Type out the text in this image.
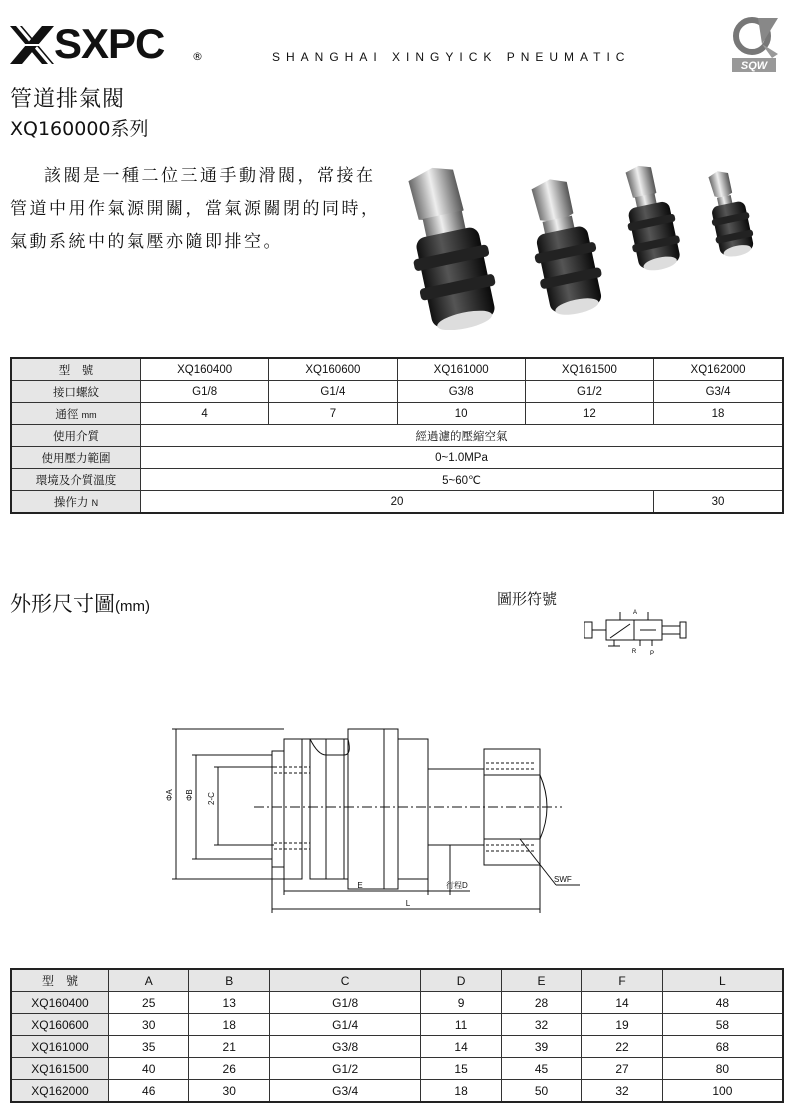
SXPC	®	SHANGHAI XINGYICK PNEUMATIC
SQW
管道排氣閥
XQ160000系列
該閥是一種二位三通手動滑閥，常接在管道中用作氣源開關，當氣源關閉的同時，氣動系統中的氣壓亦隨即排空。
型　號	XQ160400	XQ160600	XQ161000	XQ161500	XQ162000
接口螺紋	G1/8	G1/4	G3/8	G1/2	G3/4
通徑 mm	4	7	10	12	18
使用介質	經過濾的壓縮空氣				
使用壓力範圍	0~1.0MPa				
環境及介質溫度	5~60℃				
操作力 N	20				30
外形尺寸圖(mm)	圖形符號
A
R P
ΦA ΦB 2-C
E	行程D
L
SWF
型　號	A	B	C	D	E	F	L
XQ160400	25	13	G1/8	9	28	14	48
XQ160600	30	18	G1/4	11	32	19	58
XQ161000	35	21	G3/8	14	39	22	68
XQ161500	40	26	G1/2	15	45	27	80
XQ162000	46	30	G3/4	18	50	32	100
